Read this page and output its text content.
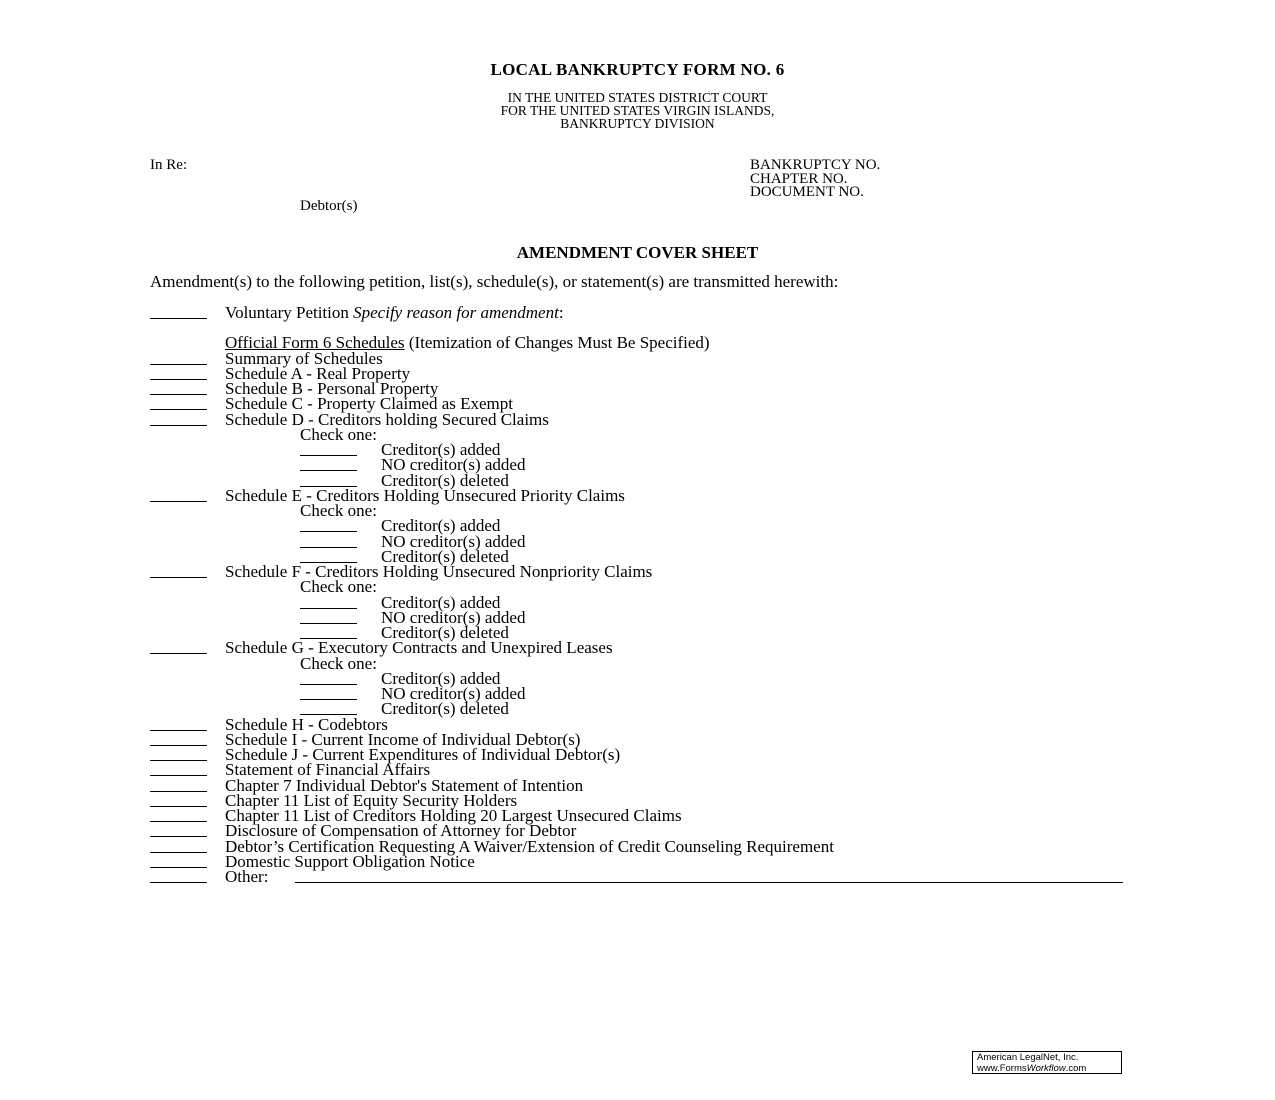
LOCAL BANKRUPTCY FORM NO. 6
IN THE UNITED STATES DISTRICT COURT
FOR THE UNITED STATES VIRGIN ISLANDS,
BANKRUPTCY DIVISION
In Re:
Debtor(s)
BANKRUPTCY NO.
CHAPTER NO.
DOCUMENT NO.
AMENDMENT COVER SHEET
Amendment(s) to the following petition, list(s), schedule(s), or statement(s) are transmitted herewith:
Voluntary Petition Specify reason for amendment:
Official Form 6 Schedules (Itemization of Changes Must Be Specified)
Summary of Schedules
Schedule A - Real Property
Schedule B - Personal Property
Schedule C - Property Claimed as Exempt
Schedule D - Creditors holding Secured Claims
Check one:
Creditor(s) added
NO creditor(s) added
Creditor(s) deleted
Schedule E - Creditors Holding Unsecured Priority Claims
Check one:
Creditor(s) added
NO creditor(s) added
Creditor(s) deleted
Schedule F - Creditors Holding Unsecured Nonpriority Claims
Check one:
Creditor(s) added
NO creditor(s) added
Creditor(s) deleted
Schedule G - Executory Contracts and Unexpired Leases
Check one:
Creditor(s) added
NO creditor(s) added
Creditor(s) deleted
Schedule H - Codebtors
Schedule I - Current Income of Individual Debtor(s)
Schedule J - Current Expenditures of Individual Debtor(s)
Statement of Financial Affairs
Chapter 7 Individual Debtor's Statement of Intention
Chapter 11 List of Equity Security Holders
Chapter 11 List of Creditors Holding 20 Largest Unsecured Claims
Disclosure of Compensation of Attorney for Debtor
Debtor’s Certification Requesting A Waiver/Extension of Credit Counseling Requirement
Domestic Support Obligation Notice
Other:
American LegalNet, Inc.
www.FormsWorkflow.com
